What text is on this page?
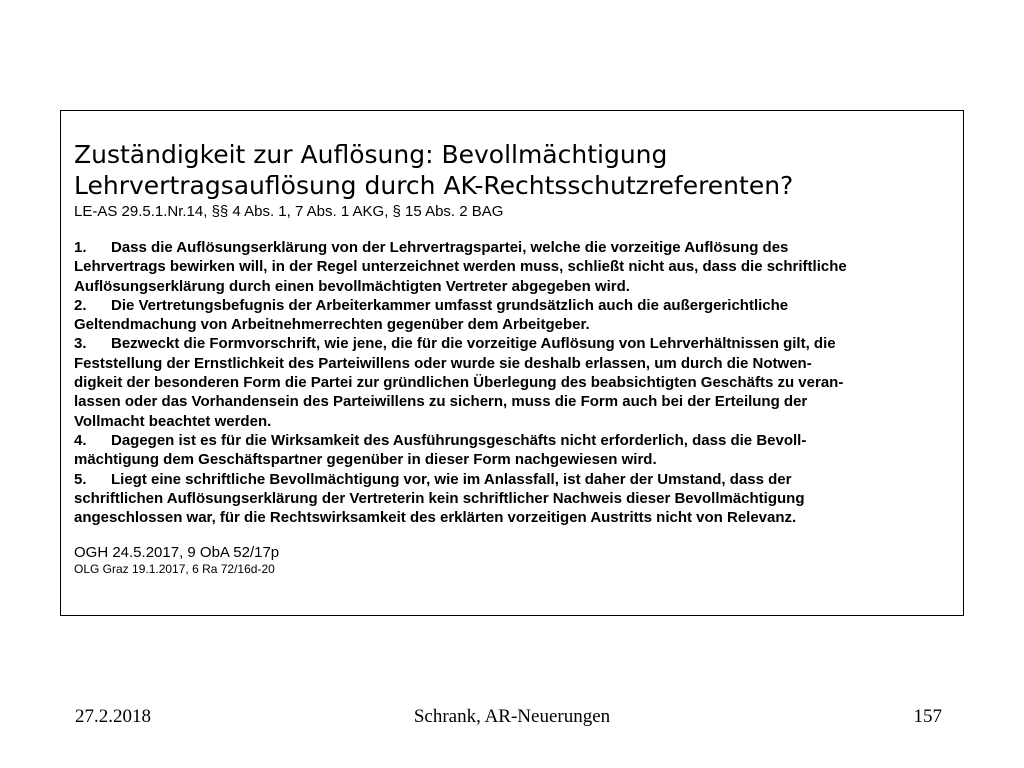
Zuständigkeit zur Auflösung: Bevollmächtigung
Lehrvertragsauflösung durch AK-Rechtsschutzreferenten?
LE-AS 29.5.1.Nr.14, §§ 4 Abs. 1, 7 Abs. 1 AKG, § 15 Abs. 2 BAG
1. Dass die Auflösungserklärung von der Lehrvertragspartei, welche die vorzeitige Auflösung des
Lehrvertrags bewirken will, in der Regel unterzeichnet werden muss, schließt nicht aus, dass die schriftliche
Auflösungserklärung durch einen bevollmächtigten Vertreter abgegeben wird.
2. Die Vertretungsbefugnis der Arbeiterkammer umfasst grundsätzlich auch die außergerichtliche
Geltendmachung von Arbeitnehmerrechten gegenüber dem Arbeitgeber.
3. Bezweckt die Formvorschrift, wie jene, die für die vorzeitige Auflösung von Lehrverhältnissen gilt, die
Feststellung der Ernstlichkeit des Parteiwillens oder wurde sie deshalb erlassen, um durch die Notwen-
digkeit der besonderen Form die Partei zur gründlichen Überlegung des beabsichtigten Geschäfts zu veran-
lassen oder das Vorhandensein des Parteiwillens zu sichern, muss die Form auch bei der Erteilung der
Vollmacht beachtet werden.
4. Dagegen ist es für die Wirksamkeit des Ausführungsgeschäfts nicht erforderlich, dass die Bevoll-
mächtigung dem Geschäftspartner gegenüber in dieser Form nachgewiesen wird.
5. Liegt eine schriftliche Bevollmächtigung vor, wie im Anlassfall, ist daher der Umstand, dass der
schriftlichen Auflösungserklärung der Vertreterin kein schriftlicher Nachweis dieser Bevollmächtigung
angeschlossen war, für die Rechtswirksamkeit des erklärten vorzeitigen Austritts nicht von Relevanz.
OGH 24.5.2017, 9 ObA 52/17p
OLG Graz 19.1.2017, 6 Ra 72/16d-20
27.2.2018	Schrank, AR-Neuerungen	157
